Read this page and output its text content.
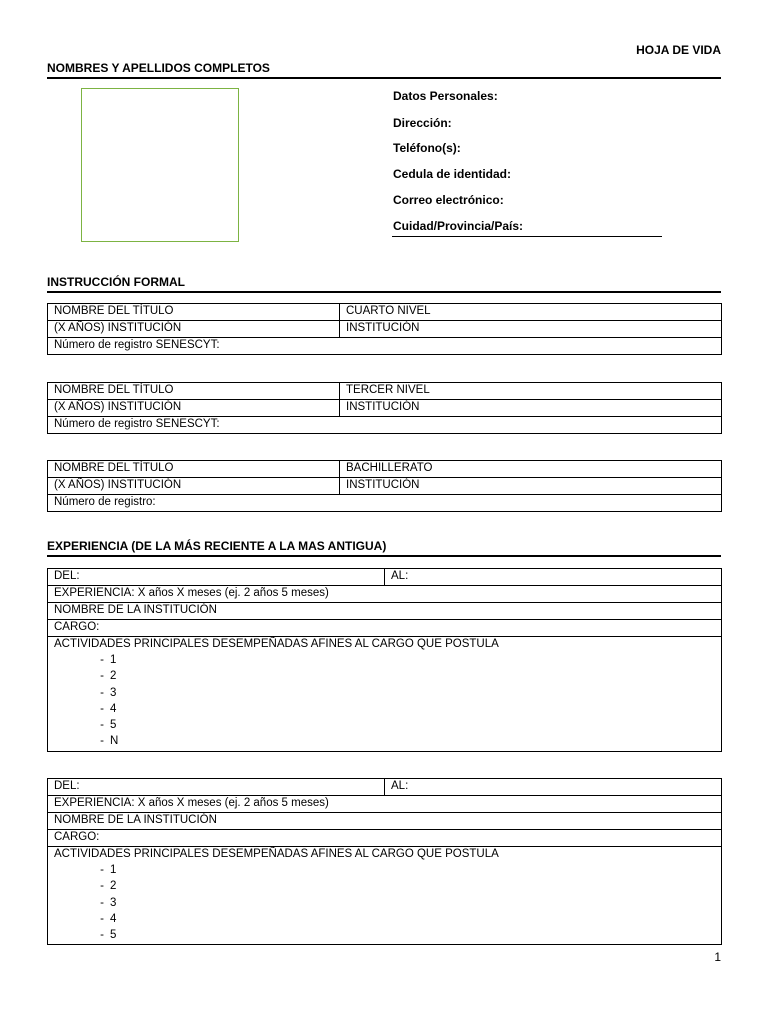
HOJA DE VIDA
NOMBRES Y APELLIDOS COMPLETOS
Datos Personales:
Dirección:
Teléfono(s):
Cedula de identidad:
Correo electrónico:
Cuidad/Provincia/País:
INSTRUCCIÓN FORMAL
NOMBRE DEL TÍTULO	CUARTO NIVEL
(X AÑOS) INSTITUCIÓN	INSTITUCIÓN
Número de registro SENESCYT:	
NOMBRE DEL TÍTULO	TERCER NIVEL
(X AÑOS) INSTITUCIÓN	INSTITUCIÓN
Número de registro SENESCYT:	
NOMBRE DEL TÍTULO	BACHILLERATO
(X AÑOS) INSTITUCIÓN	INSTITUCIÓN
Número de registro:	
EXPERIENCIA (DE LA MÁS RECIENTE A LA MAS ANTIGUA)
DEL:	AL:
EXPERIENCIA: X años X meses (ej. 2 años 5 meses)
NOMBRE DE LA INSTITUCIÓN
CARGO:

ACTIVIDADES PRINCIPALES DESEMPEÑADAS AFINES AL CARGO QUE POSTULA
- 1
- 2
- 3
- 4
- 5
- N
DEL:	AL:
EXPERIENCIA: X años X meses (ej. 2 años 5 meses)
NOMBRE DE LA INSTITUCIÓN
CARGO:

ACTIVIDADES PRINCIPALES DESEMPEÑADAS AFINES AL CARGO QUE POSTULA
- 1
- 2
- 3
- 4
- 5
1
